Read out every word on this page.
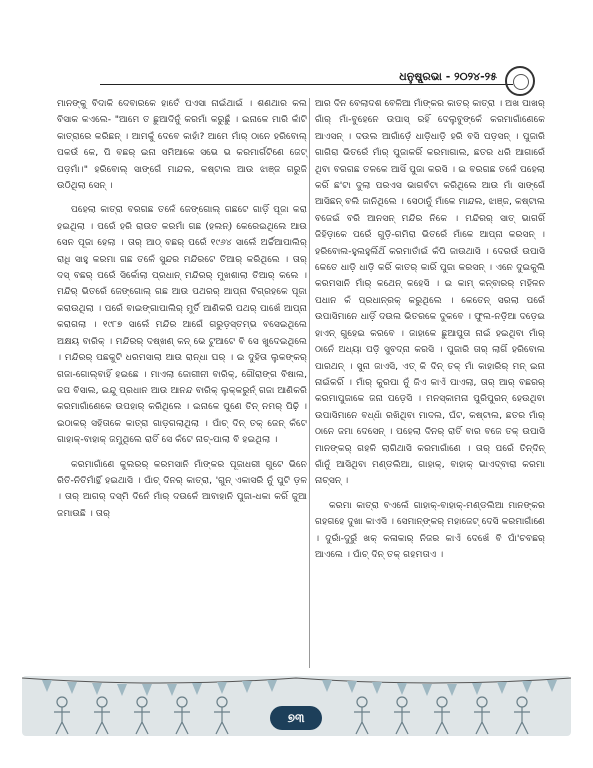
ଧନୁଷ୍ପ୍ରଭା - ୨୦୨୪-୨୫

ମାନଙ୍କୁ ବିଦାକି ଦେବାରକେ ହାତେଁ ପଏସା ନାଇଁଥାଇଁ । ଶଣଥାର କଲ ବିସାକ କଏଲେ- "ଆମେ ତ ଛୁଆଦିନୁଁ କରମାଁ କରୁଛୁଁ । ଇନାକେ ମାରି କାଁଟି କାତ୍ରାରେ କରିଛନ୍ । ଆମକୁଁ ଦେବେ କାହାଁ? ଆମେ ମାଁର୍ ଠାନେ ହରିବୋଲ୍ ପକଉଁ କେ, ପି ବଛର୍ ଇନା ସମିଆକେ ସଭେ ଭ କରମାର୍ଗଟିଣେ ଜେଟ୍ ପଡ଼ମାଁ।" ହରିବୋଲ୍ ସାଙ୍ଗେଁ ମାନ୍ଦଲ, କଷ୍ଟାଲ ଆଉ ଝାଞ୍ଜ ଗରୁଜି ଉଠିଥିଲା ସେନ୍ ।

ପହେଲା କାତ୍ରା ବରଗଛ ତଳେଁ ଜେଙ୍ଗୋଲ୍ ଗଛଟେ ଗାଡ଼ିଁ ପୂଜା କରା ହଇଥିଲା । ପରେଁ ହରି ରାଉତ କରମାଁ ଗଛ (ହଲନ୍) କେରେଇଥିଲେ ଆଉ ସେନ ପୂଜା ହେଲା । ତାର୍ ଆଠ୍ ବଛର୍ ପରେଁ ୧୯୬୪ ସାଲେଁ ଅର୍ଚ୍ଚିଆପାଲିର୍ ରାଧି ସାହୁ କରମା ଗଛ ତଳେଁ ସୁନ୍ଦର ମନ୍ଦିରଟେ ତିଆର୍ କରିଥିଲେ । ତାର୍ ଦସ୍ ବଛର୍ ପରେଁ ସିର୍କୋଲା ପ୍ରଧାନ୍ ମନ୍ଦିରର୍ ମୁଖଶାଲା ତିଆର୍ କଲେ । ମନ୍ଦିର୍ ଭିତରେଁ ଜେଙ୍ଗୋଲ୍ ଗଛ ଆଉ ପଥରର୍ ଆପ୍ନା ବିଗ୍ରହକେ ପୂଜା କରାଉଥିଲା । ପରେଁ ବାଇଙ୍ଗାପାଲିର୍ ମୁର୍ତି ଆଣିକରି ପଥର୍ ପାଖେଁ ଆପ୍ନା କରାଗଲା । ୧୯୮୭ ସାଲେଁ ମନ୍ଦିର ଆଗେଁ ଗରୁଡ଼ସ୍ତମ୍ଭ ବସେଇଥିଲେ ଅକ୍ଷୟ ବାରିକ୍ । ମନ୍ଦିରର୍ ଦଷ୍ଖଣ୍ କନ୍ ଭେ ଟୁଆଟେ ବି ସେ ଖୁଦେଇଥିଲେ । ମନ୍ଦିରର୍ ପଛକୁଟି ଧରମସାଲା ଆଉ ରାନ୍ଧା ଘର୍ । ଇ ଦୁହିତା ଲୁକଙ୍କର୍ ଗଜା-ଗୋଲ୍ବାହିଁ ହଇଛେ । ମାଏଲା ଜୋଗୀନୀ ବାରିକ୍, ଗୌରାଙ୍ଗ ବିଷାଲ, ଜପ ବିସାଲ, ଇନ୍ଦୁ ପ୍ରଧାନ ଆଉ ଆନନ୍ଦ ବାରିକ୍ ଲୁକ୍‌କରୁନ୍ଁ ଗଜା ଆଣିକରି କରମାଗାଁଣେକେ ଉପହାର୍ କରିଥିଲେ । ଇନାକେ ପୁଣେ ତିନ୍ ନମର୍ ପିଢ଼ି । ଇଠାକର୍ ସହିତାକେ କାତ୍ରା ଗାଡ଼ଗଲାଥିଲା । ପାଁଚ୍ ଦିନ୍ ତକ୍ ଜେନ୍ କଁଟେ ଗାହାକ୍-ବାହାକ୍ ଜମୁଥିଲେ ରାତିଁ ସେ କଁଟେ ନାଚ୍-ପାଲା ବି ହଇଥିଲା ।

କରମାଗାଁଣେ କୁଲରର୍ କରମସାନି ମାଁଙ୍କର ପୂଜାଧରୀ ଗୁଟେ ଭିନେ ରିତି-ନିତିମାଁନ୍ଥିଁ ହଇଥାସି । ପାଁଚ୍ ଦିନର୍ କାତ୍ରା, 'ଗୁନ୍ ଏକାସରି ନୁଁ ପୁଟି ଡ଼ଳ । ତାର୍ ଆଗର୍ ଦସ୍ମି ଦିନେଁ ମାଁର୍ ଦଉଳେଁ ଆବାହାନି ପୁଜା-ଧକା କରିଁ ଜୁଆ ଜମାଉଛି । ତାର୍

ଆର ଦିନ ବେଲାଦଶ ବେଳିଆ ମାଁଙ୍କର କାତର୍ କାତ୍ରା । ଅଖ ପାଖର୍ ଗାଁର୍ ମାଁ-ବୁହେନେ ଉପାସ୍ ରହିଁ ଦେଲୁବୁଙ୍କେଁ କରମାଗାଁଣେକେ ଆଏସନ୍ । ଦଉଲ ଆଗାଁଡ଼େଁ ଧାଡ଼ିଧାଡ଼ି ହରି ବସି ପଡ଼ସନ୍ । ପୁଜାରି ଗାଗିରା ଭିତରେଁ ମାଁର୍ ପୁଜାକରିଁ କରମାଗାଲ, ଛତର ଧରି ଆଗାରେଁ ଥିବା ବରଗଛ ତଳକେ ଆସିଁ ପୁଜା କରସି । ଇ ବରଗଛ ତଳେଁ ପହେଲା କରିଁ ଛ'ଟା ଦୁଲା ପରଏସ ଭାଗବଁଟା କରିଥିଲେ ଆଉ ମାଁ ସାଙ୍ଗେଁ ଆସିଛନ୍ ବଲି ଜାନିଥିଲେ । ସେଠାନୁଁ ମାଁକେ ମାନ୍ଦଲ, ଝାଞ୍ଜ, କଷ୍ଟାଲ ବଜେଇଁ ବରି ଆନସନ୍ ମନ୍ଦିର ନିକେ । ମନ୍ଦିରର୍ ସାତ୍ ଭାଗରିଁ ଜିହିଡ଼ାକେ ପରେଁ ଗୁଡ଼ି-ଗମିରା ଭିତରେଁ ମାଁକେ ଆପ୍ନା କରସନ୍ । ହରିବୋଲ-ହୁଲହୁଲିଁଥିଁ କରମାତାଁଇଁ କଁପି ଜାଉଥାସି । ଦେରଉଁ ଉପାସି କେତେ ଧାଡ଼ି ଧାଡ଼ି କରିଁ କାତର୍ କାରିଁ ପୁଜା କରସନ୍ । ଏନେ ଦୁଇକୁଲି କରମସାନି ମାଁର୍ କଥେନ୍ କହେସି । ଇ କାମ୍ କନ୍‌ବାରର୍ ମହିଳନ ପଧାନ କଁ ପ୍ରଧାନ୍‌ରକ୍ କରୁଥିଲେ । କେତେନ୍ ସରଲା ପରେଁ ଉପାସିମାନେ ଧାଡ଼ିଁ ଦଉଲ ଭିତରକେ ଦୁକବେ । ଫୁଲ-ନଡ଼ିଆ ଦଡ଼େଇ ହାଏନ୍ ଗୁହେଇ କରବେ । ଜାହାକେ ଛୁଆପୁତା ନାଇଁ ହଇଥିବା ମାଁର୍ ଠାନେଁ ଅଧ୍ୟା ପଡ଼ି ସୁବଦ୍ନା କରସି । ପୁଜାରି ତାର୍ ଲାଗିଁ ହରିବୋଲ ପାରଥନ୍ । ସୁନା ଜାଏସି, ଏତ୍ କି ଦିନ୍ ତକ୍ ମାଁ କାହାରିର୍ ମନ୍ ଇନା ନାଇଁକରିଁ । ମାଁର୍ କୁରପା ନୁଁ ଜିଏ କାଏଁ ପାଏଲା, ତାର୍ ଆର୍ ବଛରର୍ କରମାପୁଜାକେ ଜନା ପଡ଼େସି । ମନସ୍କାମନା ପୁରିପୁରନ୍ ହେଉଥିବା ଉପାସିମାନେ ବଧ୍ଧାଁ ରଖିଥିବା ମାଦଲ, ଘଁଟ, କଷ୍ଟାଲ, ଛତର ମାଁର୍ ଠାନେ ଜମା ଦେସେନ୍ । ପହେଲା ଦିନର୍ ରାତିଁ ବାର ବଜେ ତକ୍ ଉପାସି ମାନଙ୍କର୍ ଗହଳି ଲାଗିଥାସି କରମାଗାଁଣେ । ତାର୍ ପରେଁ ତିନ୍‌ଦିନ୍ ଗାଁନୁଁ ଆସିଥିବା ମଣ୍ଡଲିଆ, ଗାହାକ୍, ବାହାକ୍ ଭାଏଦ୍‌ବାରା କରମା ନାଚ୍‌ସନ୍ ।

କରମା କାତ୍ରା ବଏଲେଁ ଗାହାକ୍-ବାହାକ୍-ମଣ୍ଡଲିଆ ମାନଙ୍କର ଗହଗହେ ଦୁଖା କାଏସି । ସେମାନ୍‌ଙ୍କର୍ ମହାଜେଟ୍ ଦେସି କରମାଗାଁଣେ । ଦୁରାଁ-ଦୁରୁଁ ଖକ୍ କଳାକାର୍ ନିଜର କାଏଁ ଦେଖେଁ ବି ପାଁ'ଚବଛର୍ ଆଏଲେ । ପାଁଚ୍ ଦିନ୍ ତକ୍ ଗହମତାଏ ।

୭୩
